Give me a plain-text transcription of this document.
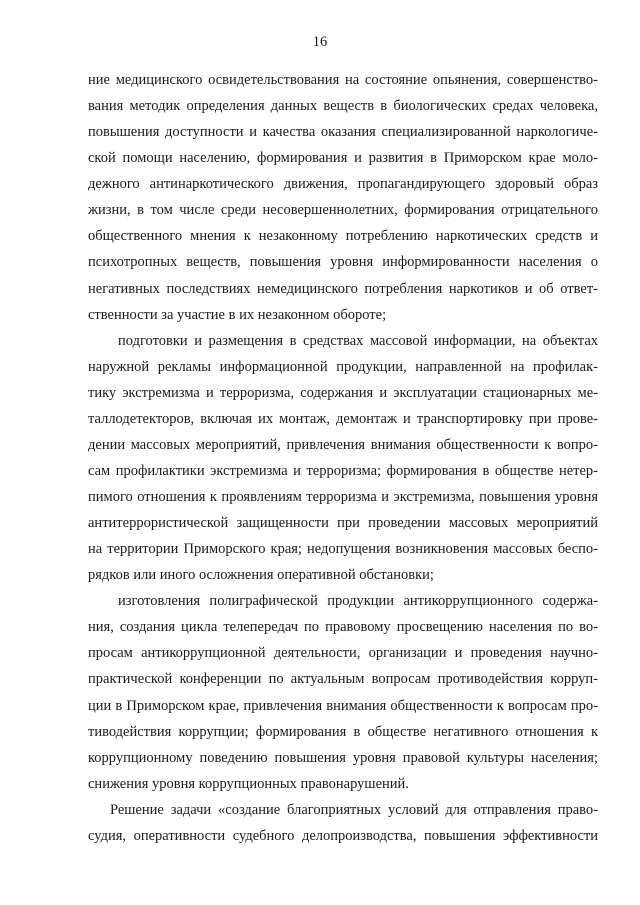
16
ние медицинского освидетельствования на состояние опьянения, совершенство-
вания методик определения данных веществ в биологических средах человека,
повышения доступности и качества оказания специализированной наркологиче-
ской помощи населению, формирования и развития в Приморском крае моло-
дежного антинаркотического движения, пропагандирующего здоровый образ
жизни, в том числе среди несовершеннолетних, формирования отрицательного
общественного мнения к незаконному потреблению наркотических средств и
психотропных веществ, повышения уровня информированности населения о
негативных последствиях немедицинского потребления наркотиков и об ответ-
ственности за участие в их незаконном обороте;
подготовки и размещения в средствах массовой информации, на объектах
наружной рекламы информационной продукции, направленной на профилак-
тику экстремизма и терроризма, содержания и эксплуатации стационарных ме-
таллодетекторов, включая их монтаж, демонтаж и транспортировку при прове-
дении массовых мероприятий, привлечения внимания общественности к вопро-
сам профилактики экстремизма и терроризма; формирования в обществе нетер-
пимого отношения к проявлениям терроризма и экстремизма, повышения уровня
антитеррористической защищенности при проведении массовых мероприятий
на территории Приморского края; недопущения возникновения массовых беспо-
рядков или иного осложнения оперативной обстановки;
изготовления полиграфической продукции антикоррупционного содержа-
ния, создания цикла телепередач по правовому просвещению населения по во-
просам антикоррупционной деятельности, организации и проведения научно-
практической конференции по актуальным вопросам противодействия корруп-
ции в Приморском крае, привлечения внимания общественности к вопросам про-
тиводействия коррупции; формирования в обществе негативного отношения к
коррупционному поведению повышения уровня правовой культуры населения;
снижения уровня коррупционных правонарушений.
Решение задачи «создание благоприятных условий для отправления право-
судия, оперативности судебного делопроизводства, повышения эффективности
